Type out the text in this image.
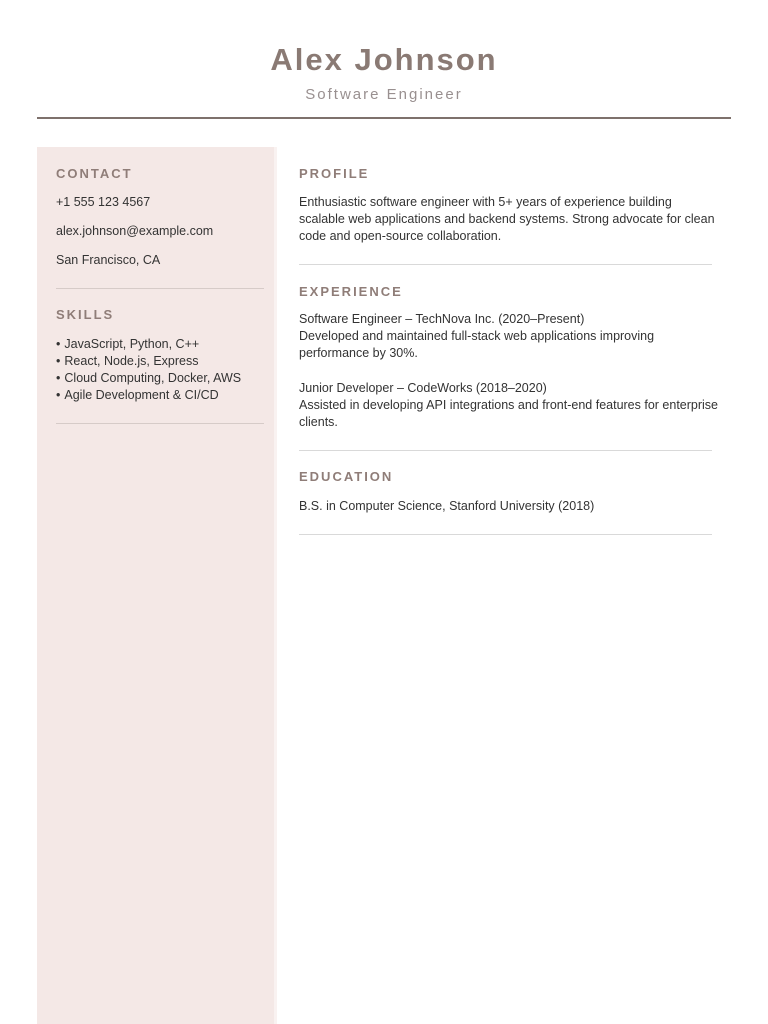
Alex Johnson
Software Engineer
CONTACT
+1 555 123 4567
alex.johnson@example.com
San Francisco, CA
SKILLS
• JavaScript, Python, C++
• React, Node.js, Express
• Cloud Computing, Docker, AWS
• Agile Development & CI/CD
PROFILE
Enthusiastic software engineer with 5+ years of experience building scalable web applications and backend systems. Strong advocate for clean code and open-source collaboration.
EXPERIENCE
Software Engineer – TechNova Inc. (2020–Present)
Developed and maintained full-stack web applications improving performance by 30%.
Junior Developer – CodeWorks (2018–2020)
Assisted in developing API integrations and front-end features for enterprise clients.
EDUCATION
B.S. in Computer Science, Stanford University (2018)
